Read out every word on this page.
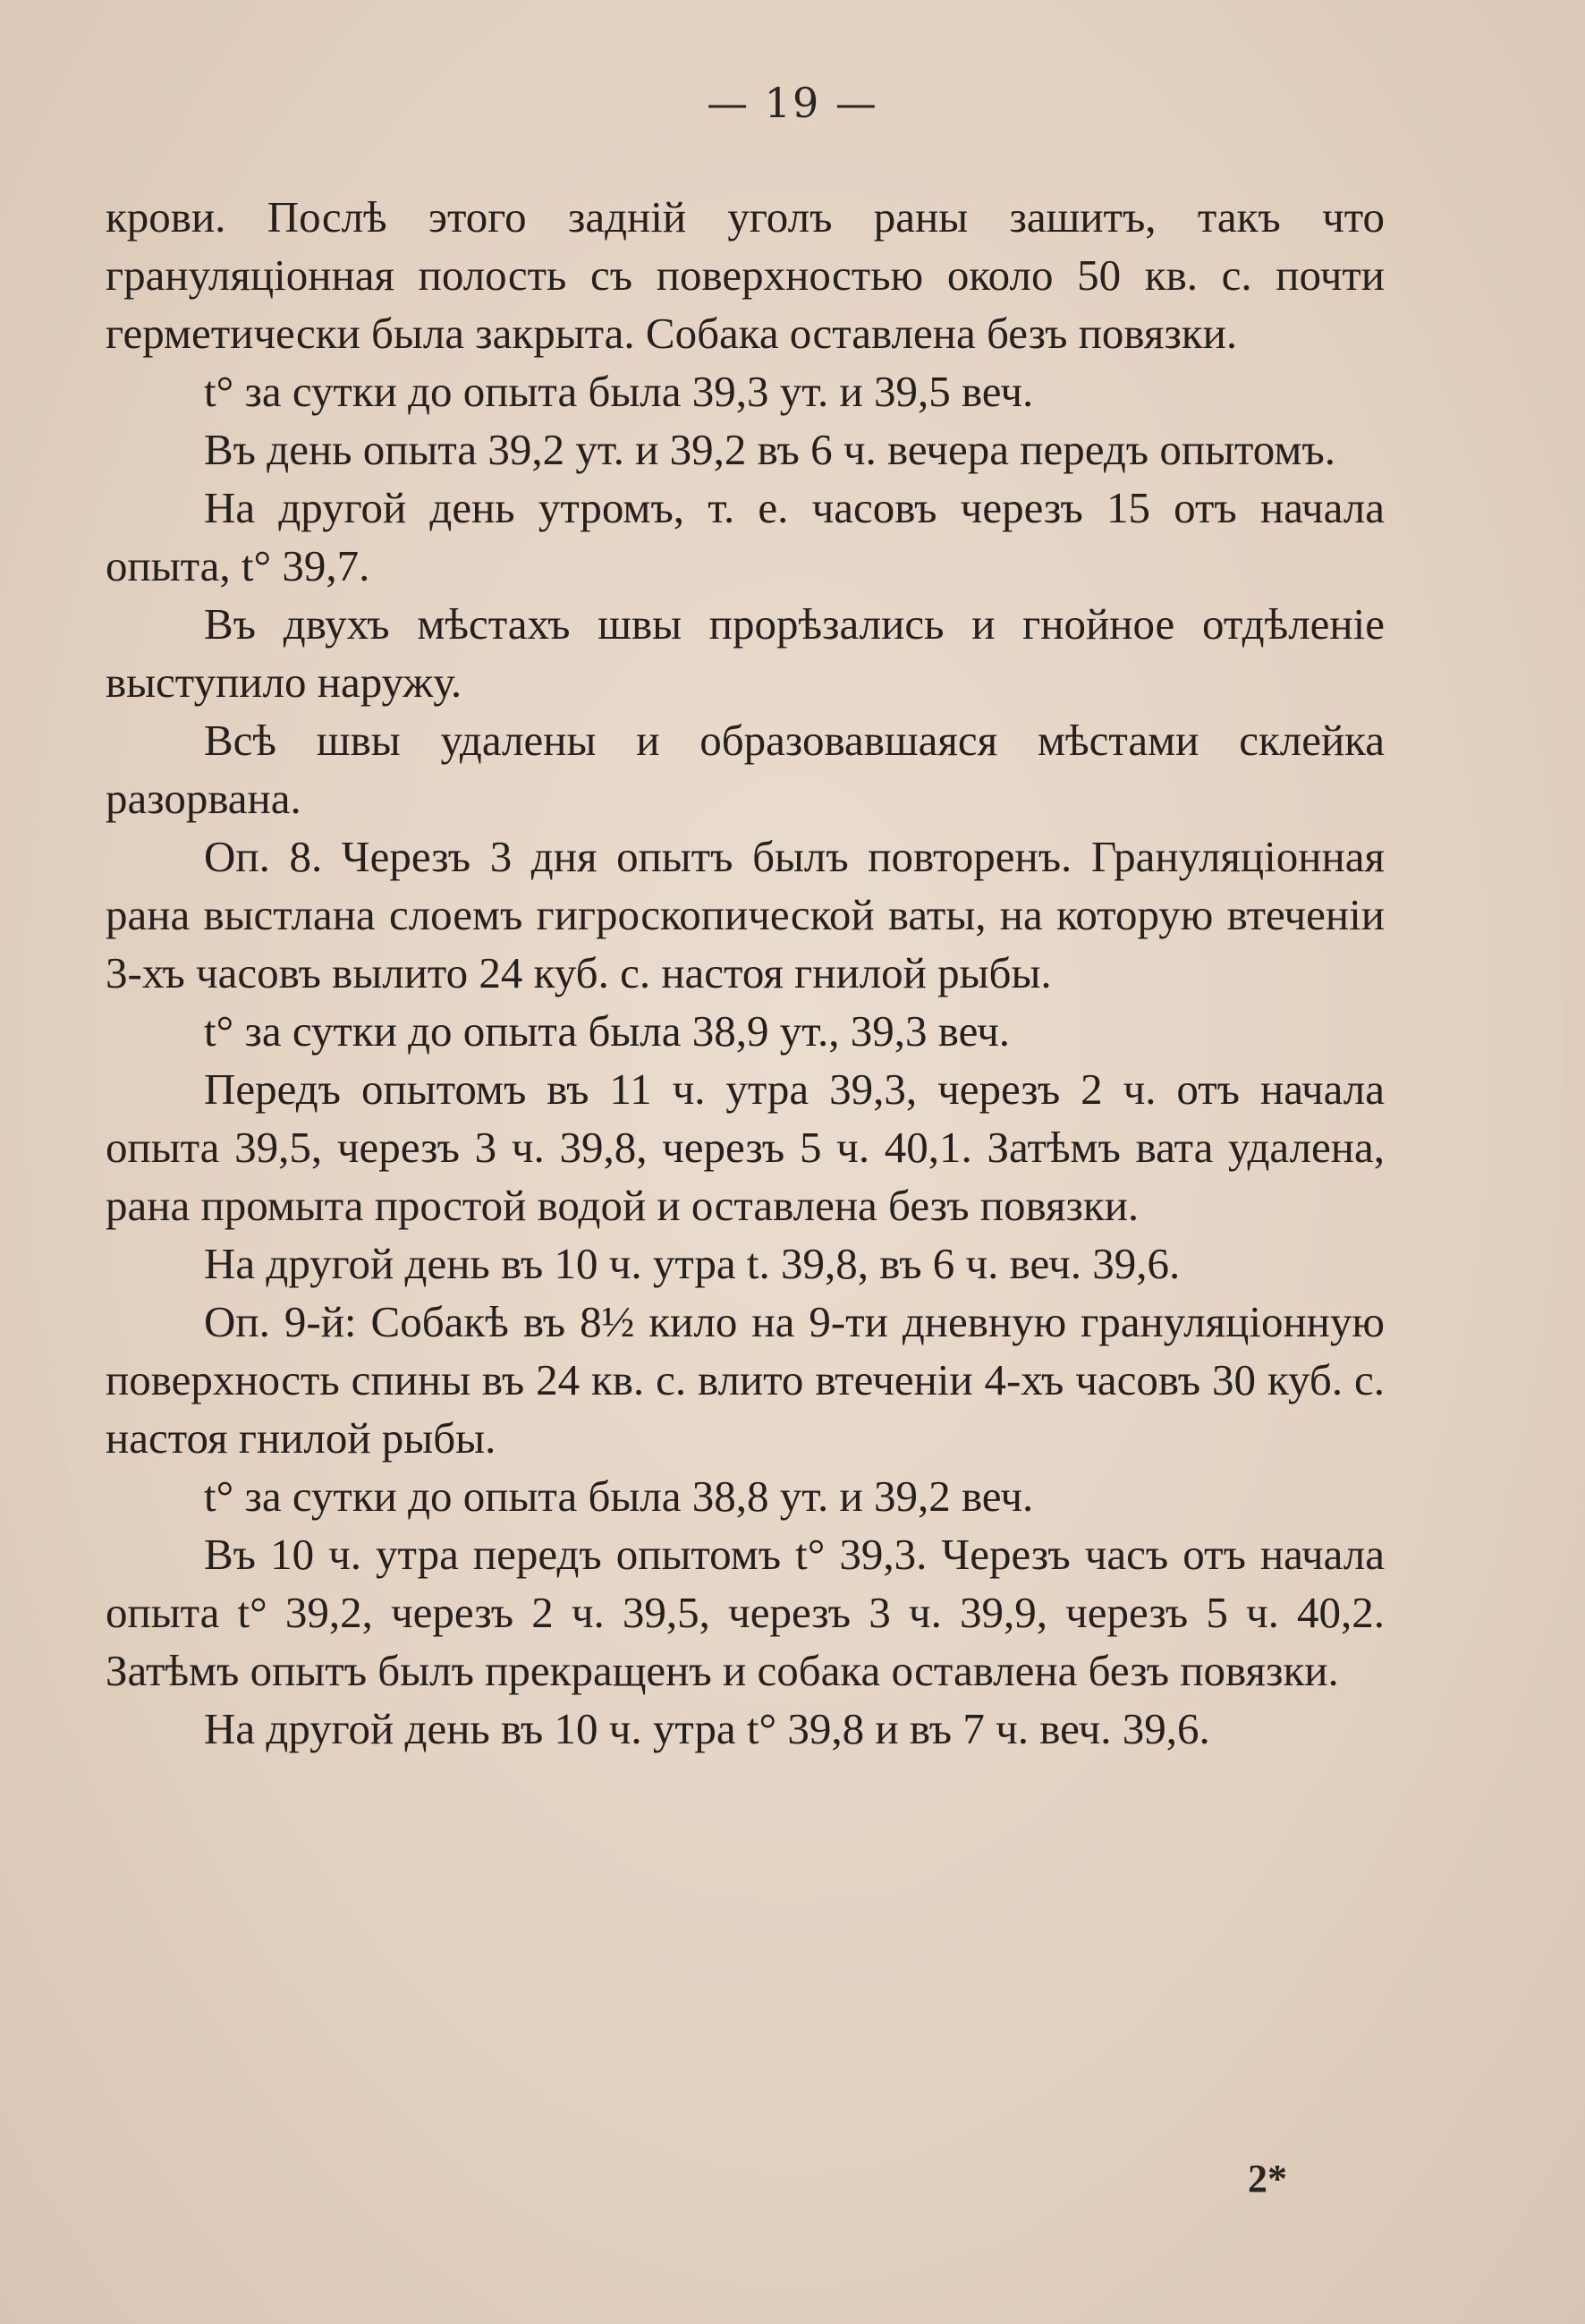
— 19 —

крови. Послѣ этого заднiй уголъ раны зашитъ, такъ что грануляцiонная полость съ поверхностью около 50 кв. с. почти герметически была закрыта. Собака оставлена безъ повязки.

t° за сутки до опыта была 39,3 ут. и 39,5 веч.

Въ день опыта 39,2 ут. и 39,2 въ 6 ч. вечера передъ опытомъ.

На другой день утромъ, т. е. часовъ черезъ 15 отъ начала опыта, t° 39,7.

Въ двухъ мѣстахъ швы прорѣзались и гнойное отдѣленiе выступило наружу.

Всѣ швы удалены и образовавшаяся мѣстами склейка разорвана.

Оп. 8. Черезъ 3 дня опытъ былъ повторенъ. Грануляцiонная рана выстлана слоемъ гигроскопической ваты, на которую втеченiи 3-хъ часовъ вылито 24 куб. с. настоя гнилой рыбы.

t° за сутки до опыта была 38,9 ут., 39,3 веч.

Передъ опытомъ въ 11 ч. утра 39,3, черезъ 2 ч. отъ начала опыта 39,5, черезъ 3 ч. 39,8, черезъ 5 ч. 40,1. Затѣмъ вата удалена, рана промыта простой водой и оставлена безъ повязки.

На другой день въ 10 ч. утра t. 39,8, въ 6 ч. веч. 39,6.

Оп. 9-й: Собакѣ въ 8½ кило на 9-ти дневную грануляцiонную поверхность спины въ 24 кв. с. влито втеченiи 4-хъ часовъ 30 куб. с. настоя гнилой рыбы.

t° за сутки до опыта была 38,8 ут. и 39,2 веч.

Въ 10 ч. утра передъ опытомъ t° 39,3. Черезъ часъ отъ начала опыта t° 39,2, черезъ 2 ч. 39,5, черезъ 3 ч. 39,9, черезъ 5 ч. 40,2. Затѣмъ опытъ былъ прекращенъ и собака оставлена безъ повязки.

На другой день въ 10 ч. утра t° 39,8 и въ 7 ч. веч. 39,6.

2*
